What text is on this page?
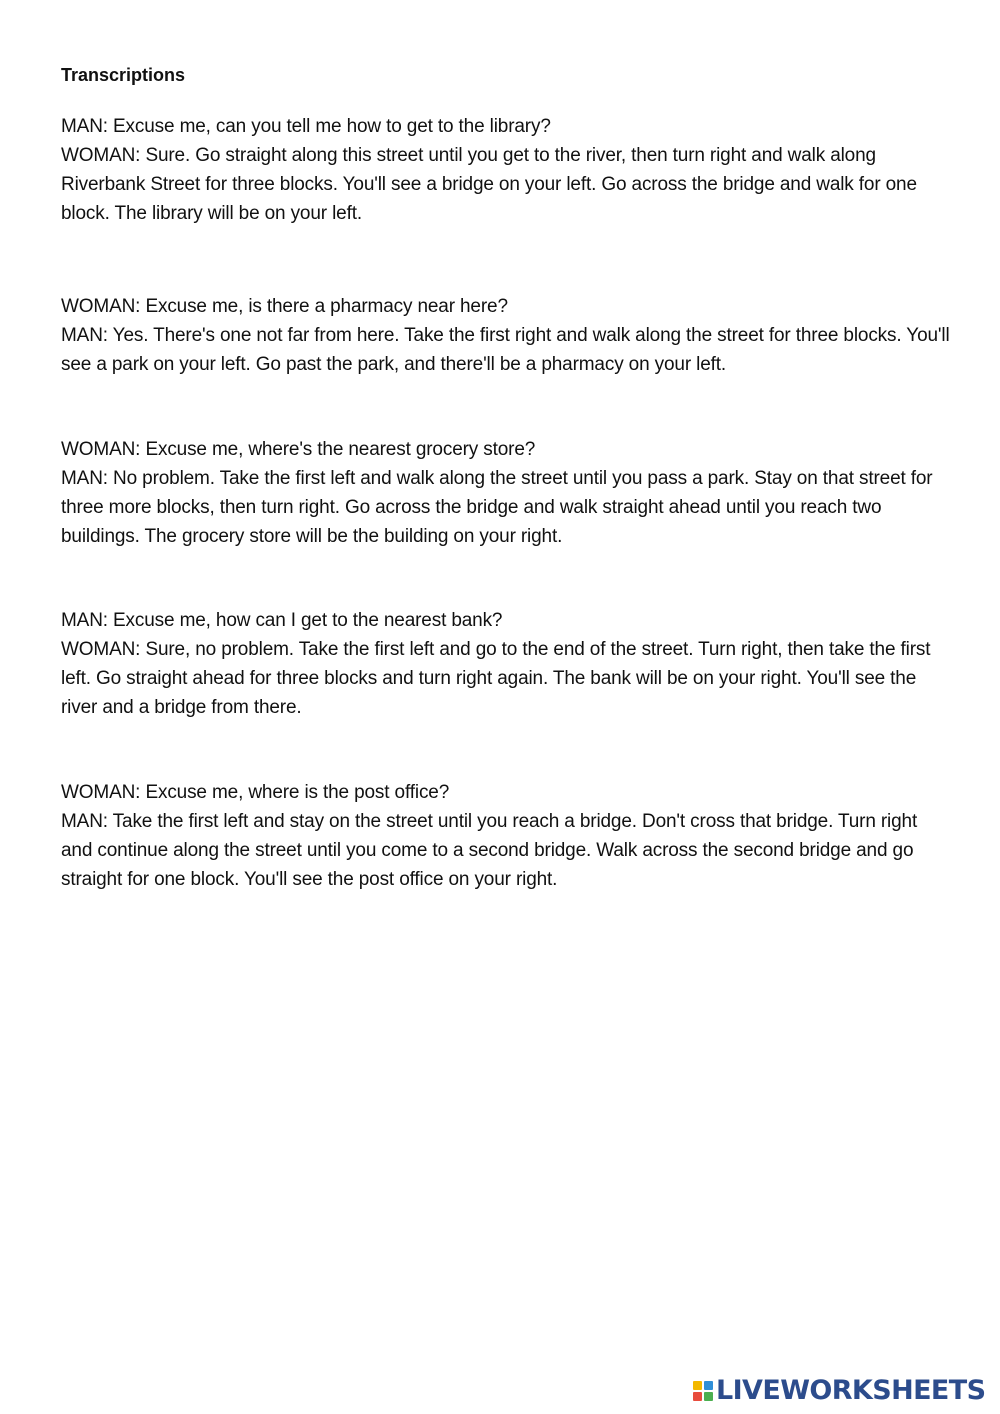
Transcriptions

MAN: Excuse me, can you tell me how to get to the library?

WOMAN: Sure. Go straight along this street until you get to the river, then turn right and walk along Riverbank Street for three blocks. You'll see a bridge on your left. Go across the bridge and walk for one block. The library will be on your left.

WOMAN: Excuse me, is there a pharmacy near here?

MAN: Yes. There's one not far from here. Take the first right and walk along the street for three blocks. You'll see a park on your left. Go past the park, and there'll be a pharmacy on your left.

WOMAN: Excuse me, where's the nearest grocery store?

MAN: No problem. Take the first left and walk along the street until you pass a park. Stay on that street for three more blocks, then turn right. Go across the bridge and walk straight ahead until you reach two buildings. The grocery store will be the building on your right.

MAN: Excuse me, how can I get to the nearest bank?

WOMAN: Sure, no problem. Take the first left and go to the end of the street. Turn right, then take the first left. Go straight ahead for three blocks and turn right again. The bank will be on your right. You'll see the river and a bridge from there.

WOMAN: Excuse me, where is the post office?

MAN: Take the first left and stay on the street until you reach a bridge. Don't cross that bridge. Turn right and continue along the street until you come to a second bridge. Walk across the second bridge and go straight for one block. You'll see the post office on your right.

LIVEWORKSHEETS
